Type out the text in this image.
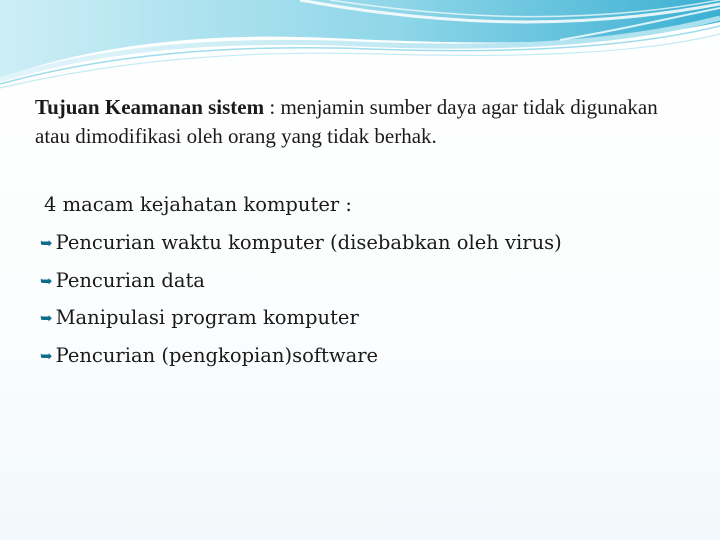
Tujuan Keamanan sistem : menjamin sumber daya agar tidak digunakan atau dimodifikasi oleh orang yang tidak berhak.

4 macam kejahatan komputer :
➥ Pencurian waktu komputer (disebabkan oleh virus)
➥ Pencurian data
➥ Manipulasi program komputer
➥ Pencurian (pengkopian)software
